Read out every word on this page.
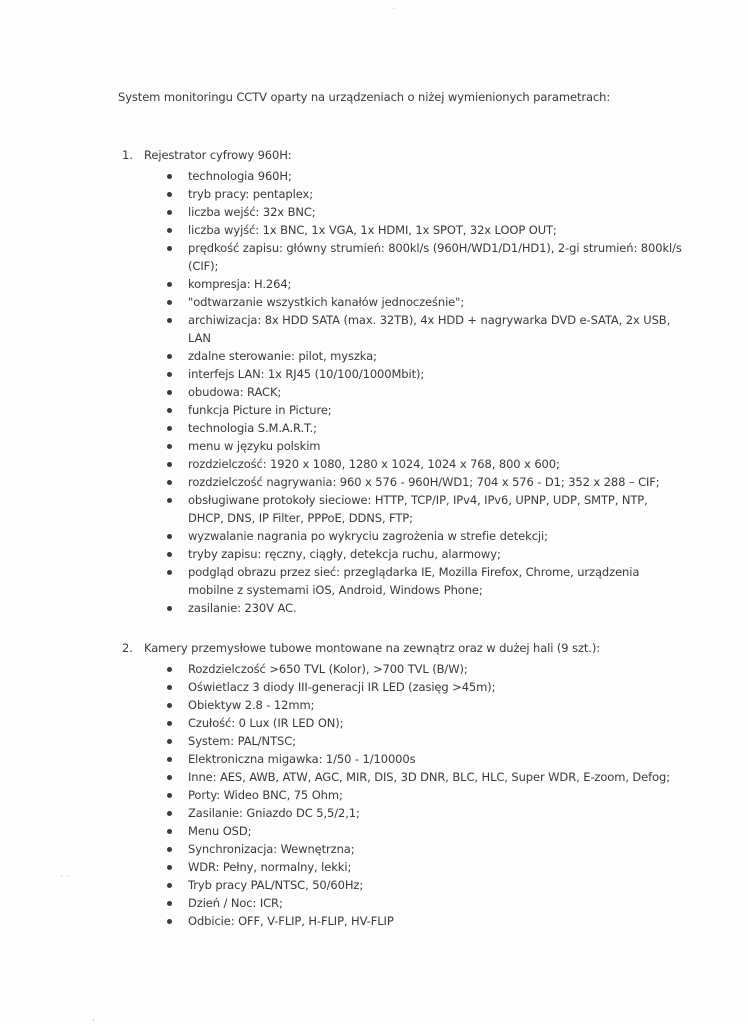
System monitoringu CCTV oparty na urządzeniach o niżej wymienionych parametrach:
1. Rejestrator cyfrowy 960H:
technologia 960H;
tryb pracy: pentaplex;
liczba wejść: 32x BNC;
liczba wyjść: 1x BNC, 1x VGA, 1x HDMI, 1x SPOT, 32x LOOP OUT;
prędkość zapisu: główny strumień: 800kl/s (960H/WD1/D1/HD1), 2-gi strumień: 800kl/s (CIF);
kompresja: H.264;
"odtwarzanie wszystkich kanałów jednocześnie";
archiwizacja: 8x HDD SATA (max. 32TB), 4x HDD + nagrywarka DVD e-SATA, 2x USB, LAN
zdalne sterowanie: pilot, myszka;
interfejs LAN: 1x RJ45 (10/100/1000Mbit);
obudowa: RACK;
funkcja Picture in Picture;
technologia S.M.A.R.T.;
menu w języku polskim
rozdzielczość: 1920 x 1080, 1280 x 1024, 1024 x 768, 800 x 600;
rozdzielczość nagrywania: 960 x 576 - 960H/WD1; 704 x 576 - D1; 352 x 288 – CIF;
obsługiwane protokoły sieciowe: HTTP, TCP/IP, IPv4, IPv6, UPNP, UDP, SMTP, NTP, DHCP, DNS, IP Filter, PPPoE, DDNS, FTP;
wyzwalanie nagrania po wykryciu zagrożenia w strefie detekcji;
tryby zapisu: ręczny, ciągły, detekcja ruchu, alarmowy;
podgląd obrazu przez sieć: przeglądarka IE, Mozilla Firefox, Chrome, urządzenia mobilne z systemami iOS, Android, Windows Phone;
zasilanie: 230V AC.
2. Kamery przemysłowe tubowe montowane na zewnątrz oraz w dużej hali (9 szt.):
Rozdzielczość >650 TVL (Kolor), >700 TVL (B/W);
Oświetlacz 3 diody III-generacji IR LED (zasięg >45m);
Obiektyw 2.8 - 12mm;
Czułość: 0 Lux (IR LED ON);
System: PAL/NTSC;
Elektroniczna migawka: 1/50 - 1/10000s
Inne: AES, AWB, ATW, AGC, MIR, DIS, 3D DNR, BLC, HLC, Super WDR, E-zoom, Defog;
Porty: Wideo BNC, 75 Ohm;
Zasilanie: Gniazdo DC 5,5/2,1;
Menu OSD;
Synchronizacja: Wewnętrzna;
WDR: Pełny, normalny, lekki;
Tryb pracy PAL/NTSC, 50/60Hz;
Dzień / Noc: ICR;
Odbicie: OFF, V-FLIP, H-FLIP, HV-FLIP
·
· ·
,
